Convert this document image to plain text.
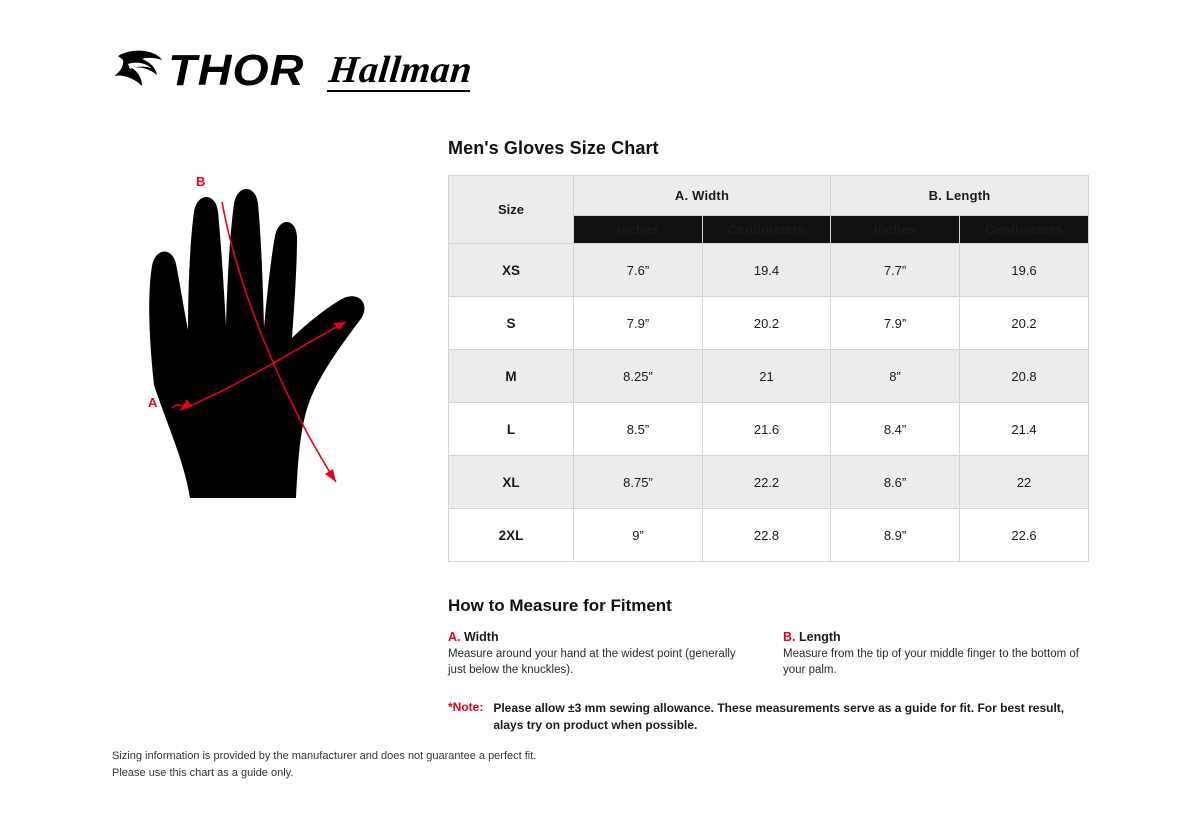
THOR Hallman
B
A
Men's Gloves Size Chart
Size	A. Width		B. Length	
	Inches	Centimeters	Inches	Centimeters
XS	7.6”	19.4	7.7”	19.6
S	7.9”	20.2	7.9”	20.2
M	8.25”	21	8”	20.8
L	8.5”	21.6	8.4”	21.4
XL	8.75”	22.2	8.6”	22
2XL	9”	22.8	8.9”	22.6
How to Measure for Fitment
A. Width
Measure around your hand at the widest point (generally just below the knuckles).
B. Length
Measure from the tip of your middle finger to the bottom of your palm.
*Note: Please allow ±3 mm sewing allowance. These measurements serve as a guide for fit. For best result, alays try on product when possible.
Sizing information is provided by the manufacturer and does not guarantee a perfect fit.
Please use this chart as a guide only.
